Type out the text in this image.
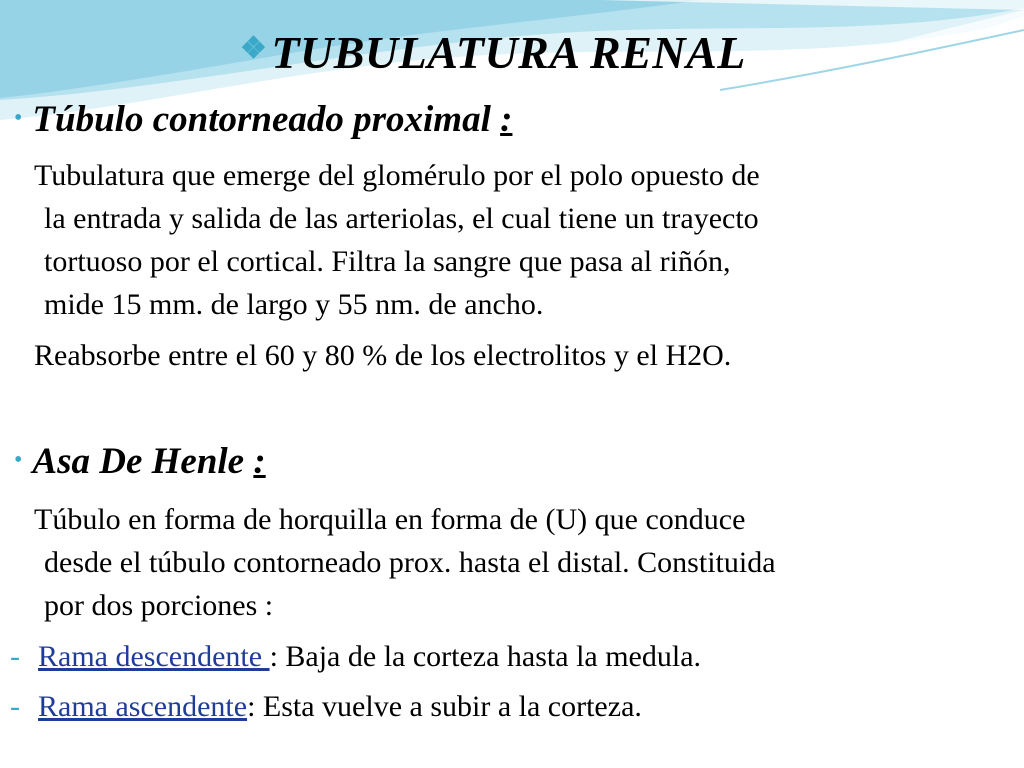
❖TUBULATURA RENAL
• Túbulo contorneado proximal :
Tubulatura que emerge del glomérulo por el polo opuesto de
la entrada y salida de las arteriolas, el cual tiene un trayecto
tortuoso por el cortical. Filtra la sangre que pasa al riñón,
mide 15 mm. de largo y 55 nm. de ancho.
Reabsorbe entre el 60 y 80 % de los electrolitos y el H2O.
• Asa De Henle :
Túbulo en forma de horquilla en forma de (U) que conduce
desde el túbulo contorneado prox. hasta el distal. Constituida
por dos porciones :
- Rama descendente : Baja de la corteza hasta la medula.
- Rama ascendente: Esta vuelve a subir a la corteza.
